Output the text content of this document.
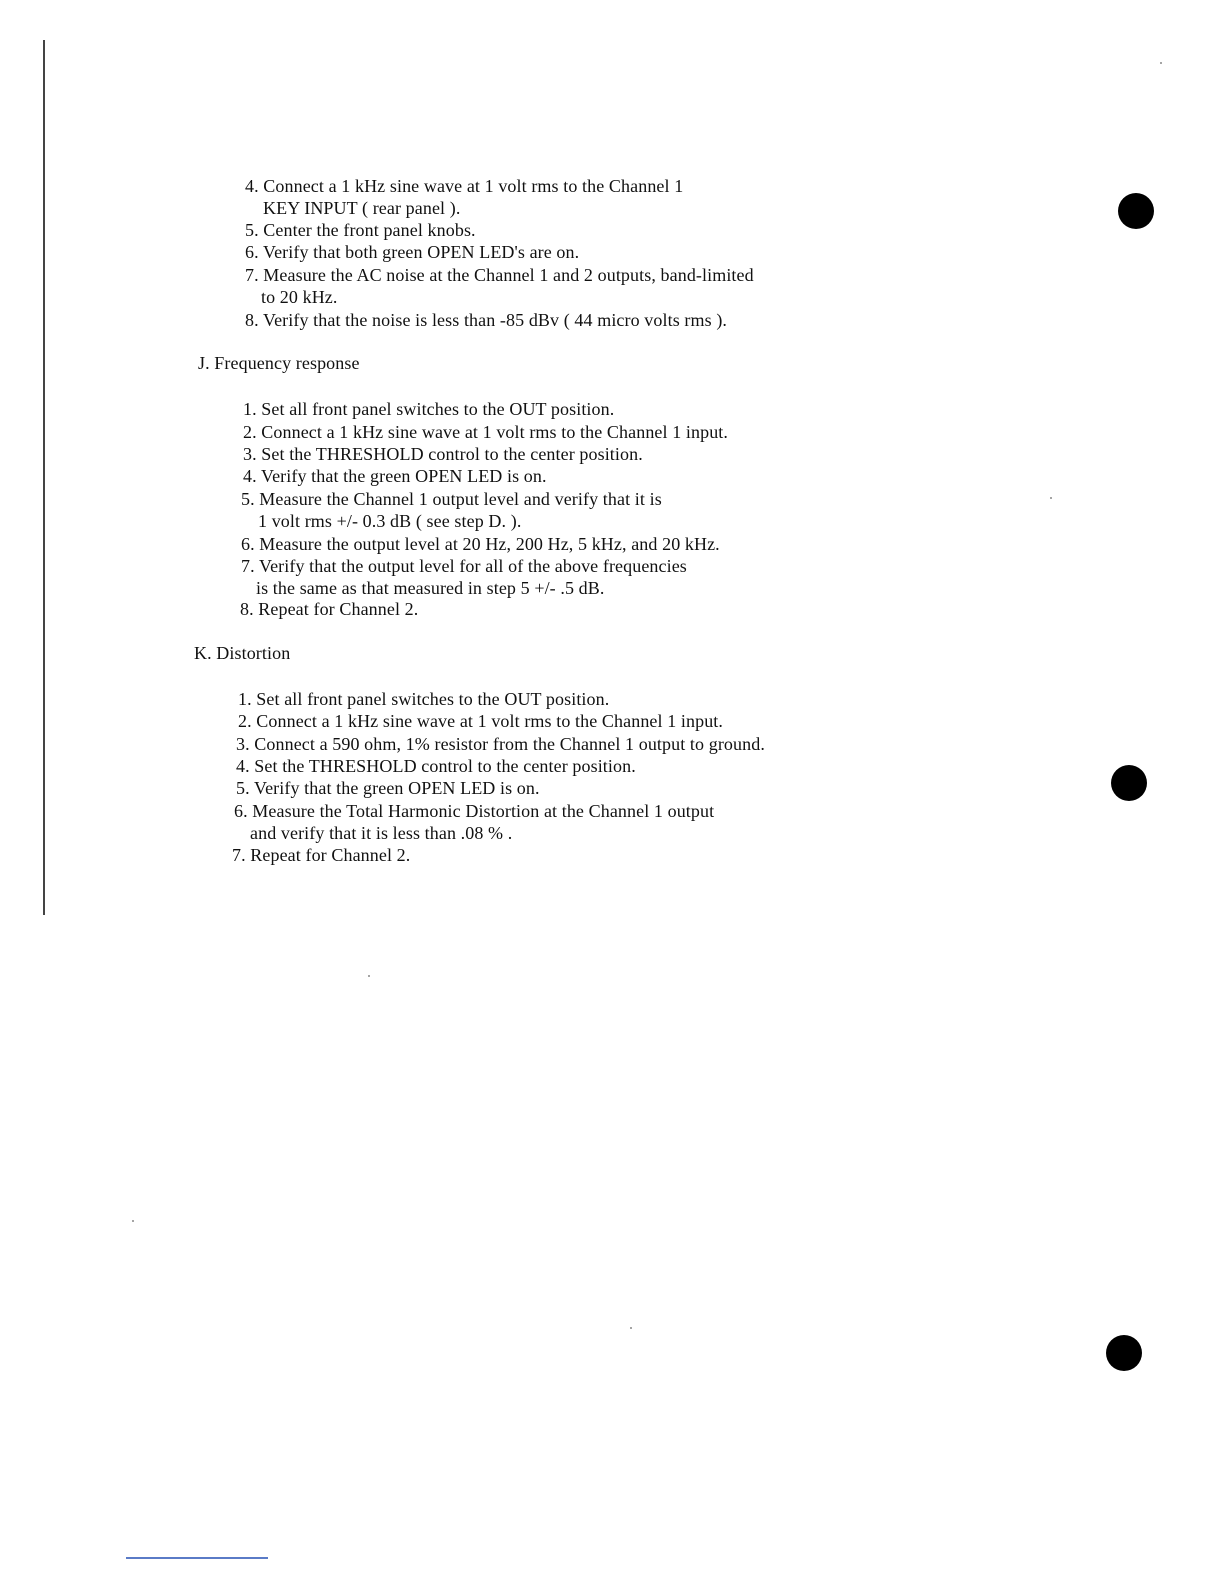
4. Connect a 1 kHz sine wave at 1 volt rms to the Channel 1
KEY INPUT ( rear panel ).
5. Center the front panel knobs.
6. Verify that both green OPEN LED's are on.
7. Measure the AC noise at the Channel 1 and 2 outputs, band-limited
to 20 kHz.
8. Verify that the noise is less than -85 dBv ( 44 micro volts rms ).
J. Frequency response
1. Set all front panel switches to the OUT position.
2. Connect a 1 kHz sine wave at 1 volt rms to the Channel 1 input.
3. Set the THRESHOLD control to the center position.
4. Verify that the green OPEN LED is on.
5. Measure the Channel 1 output level and verify that it is
1 volt rms +/- 0.3 dB ( see step D. ).
6. Measure the output level at 20 Hz, 200 Hz, 5 kHz, and 20 kHz.
7. Verify that the output level for all of the above frequencies
is the same as that measured in step 5 +/- .5 dB.
8. Repeat for Channel 2.
K. Distortion
1. Set all front panel switches to the OUT position.
2. Connect a 1 kHz sine wave at 1 volt rms to the Channel 1 input.
3. Connect a 590 ohm, 1% resistor from the Channel 1 output to ground.
4. Set the THRESHOLD control to the center position.
5. Verify that the green OPEN LED is on.
6. Measure the Total Harmonic Distortion at the Channel 1 output
and verify that it is less than .08 % .
7. Repeat for Channel 2.
